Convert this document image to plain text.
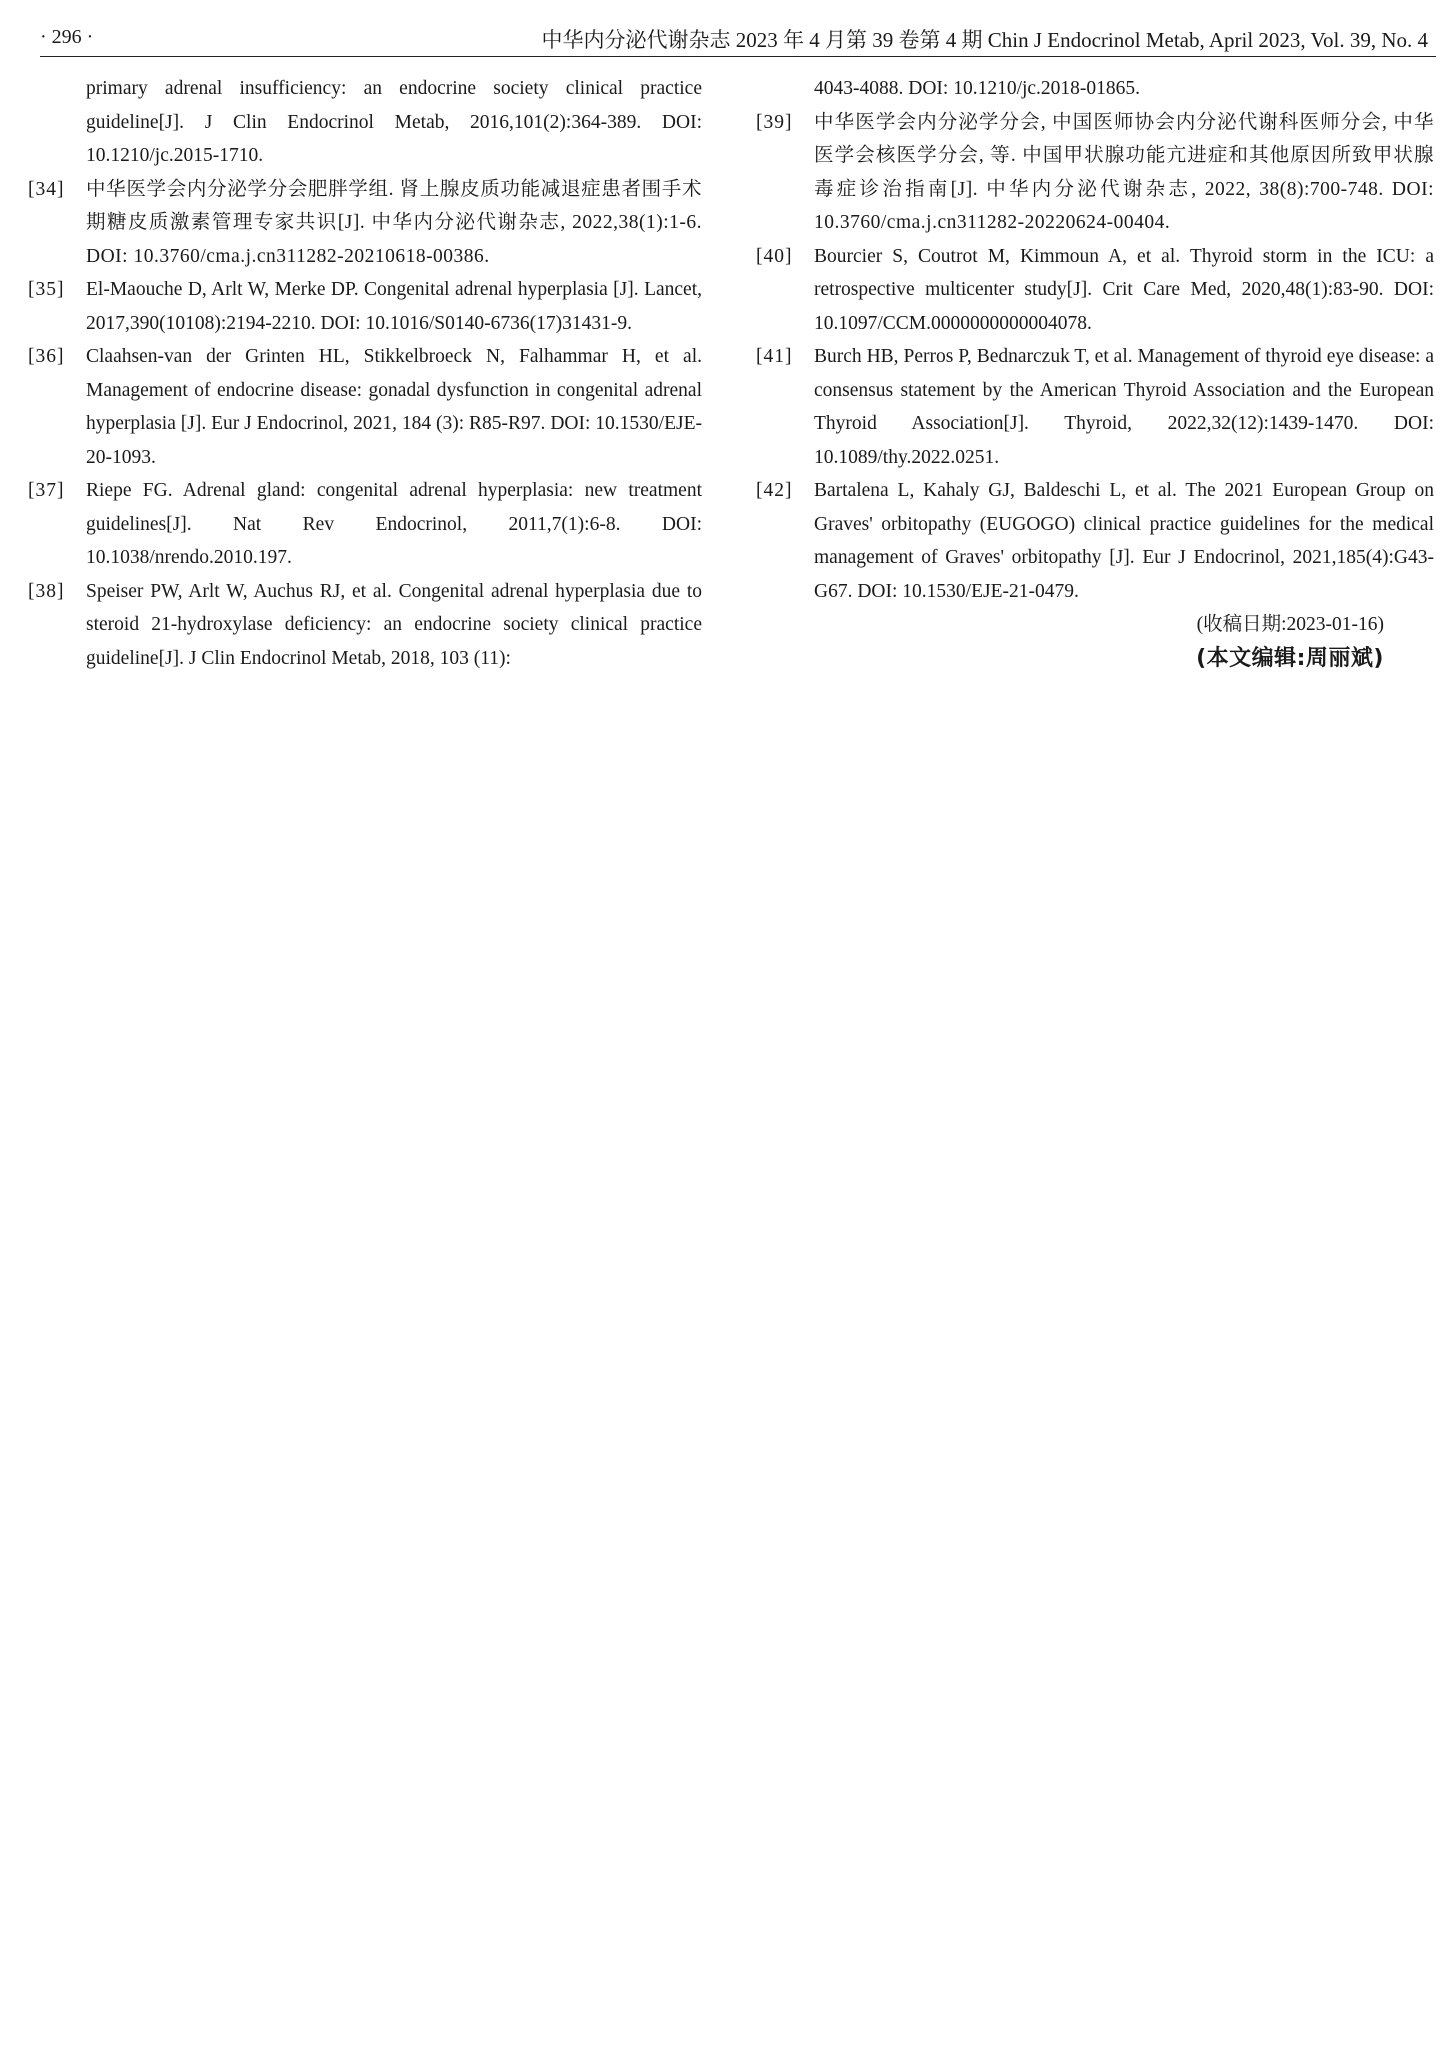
· 296 ·	中华内分泌代谢杂志 2023 年 4 月第 39 卷第 4 期 Chin J Endocrinol Metab, April 2023, Vol. 39, No. 4
primary adrenal insufficiency: an endocrine society clinical practice guideline[J]. J Clin Endocrinol Metab, 2016,101(2):364-389. DOI: 10.1210/jc.2015-1710.
[34] 中华医学会内分泌学分会肥胖学组. 肾上腺皮质功能减退症患者围手术期糖皮质激素管理专家共识[J]. 中华内分泌代谢杂志, 2022,38(1):1-6. DOI: 10.3760/cma.j.cn311282-20210618-00386.
[35] El-Maouche D, Arlt W, Merke DP. Congenital adrenal hyperplasia [J]. Lancet, 2017,390(10108):2194-2210. DOI: 10.1016/S0140-6736(17)31431-9.
[36] Claahsen-van der Grinten HL, Stikkelbroeck N, Falhammar H, et al. Management of endocrine disease: gonadal dysfunction in congenital adrenal hyperplasia [J]. Eur J Endocrinol, 2021, 184 (3): R85-R97. DOI: 10.1530/EJE-20-1093.
[37] Riepe FG. Adrenal gland: congenital adrenal hyperplasia: new treatment guidelines[J]. Nat Rev Endocrinol, 2011,7(1):6-8. DOI: 10.1038/nrendo.2010.197.
[38] Speiser PW, Arlt W, Auchus RJ, et al. Congenital adrenal hyperplasia due to steroid 21-hydroxylase deficiency: an endocrine society clinical practice guideline[J]. J Clin Endocrinol Metab, 2018, 103 (11):
4043-4088. DOI: 10.1210/jc.2018-01865.
[39] 中华医学会内分泌学分会, 中国医师协会内分泌代谢科医师分会, 中华医学会核医学分会, 等. 中国甲状腺功能亢进症和其他原因所致甲状腺毒症诊治指南[J]. 中华内分泌代谢杂志, 2022, 38(8):700-748. DOI: 10.3760/cma.j.cn311282-20220624-00404.
[40] Bourcier S, Coutrot M, Kimmoun A, et al. Thyroid storm in the ICU: a retrospective multicenter study[J]. Crit Care Med, 2020,48(1):83-90. DOI: 10.1097/CCM.0000000000004078.
[41] Burch HB, Perros P, Bednarczuk T, et al. Management of thyroid eye disease: a consensus statement by the American Thyroid Association and the European Thyroid Association[J]. Thyroid, 2022,32(12):1439-1470. DOI: 10.1089/thy.2022.0251.
[42] Bartalena L, Kahaly GJ, Baldeschi L, et al. The 2021 European Group on Graves' orbitopathy (EUGOGO) clinical practice guidelines for the medical management of Graves' orbitopathy [J]. Eur J Endocrinol, 2021,185(4):G43-G67. DOI: 10.1530/EJE-21-0479.
(收稿日期:2023-01-16)
(本文编辑:周丽斌)
